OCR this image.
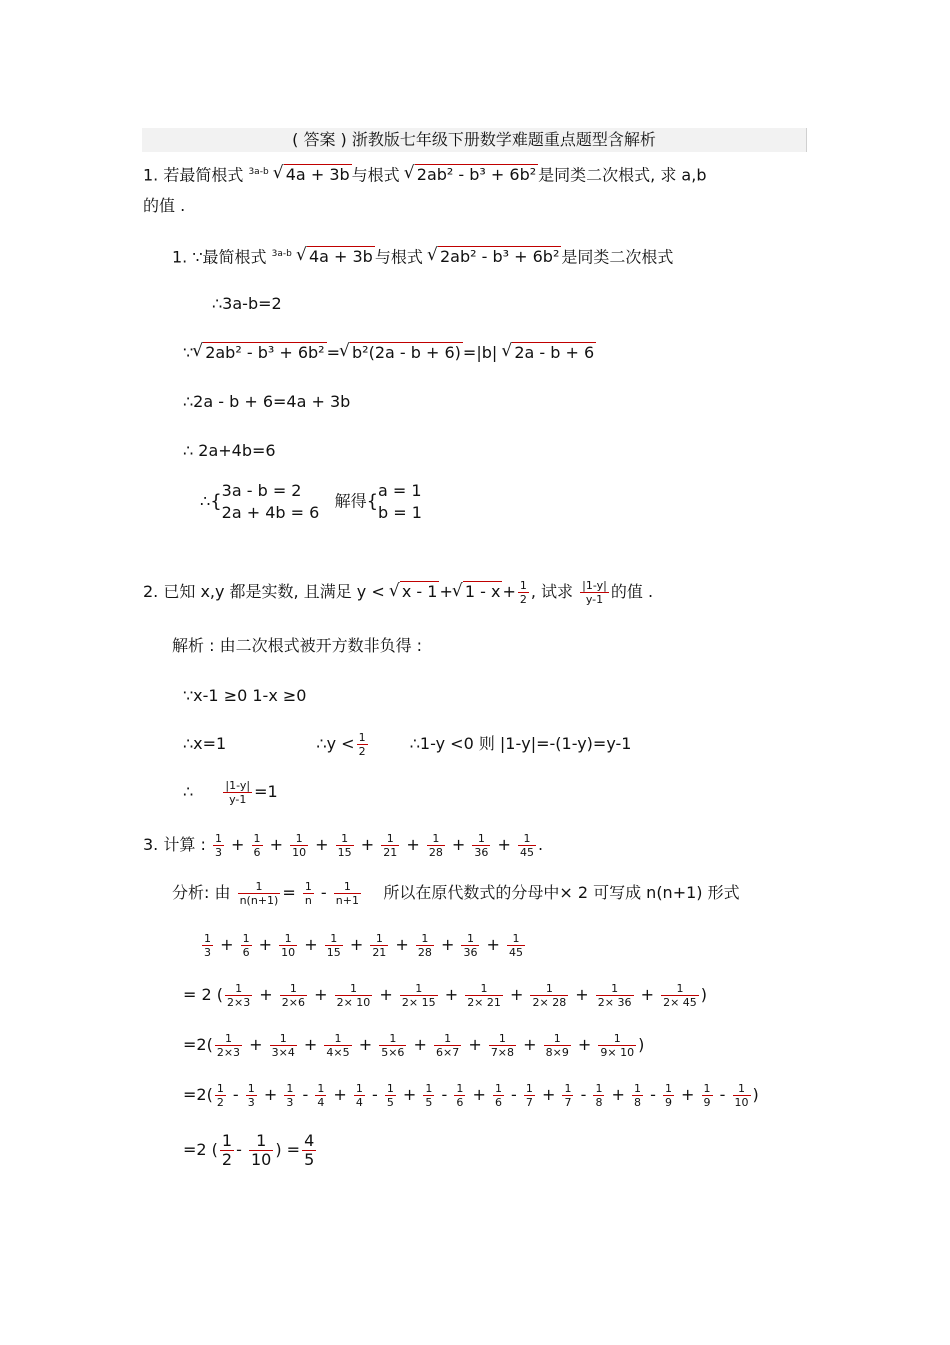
( 答案 ) 浙教版七年级下册数学难题重点题型含解析
1. 若最简根式 $^{3a-b}$ √ 4a + 3b 与根式 √ 2ab² - b³ + 6b² 是同类二次根式, 求 a,b
的值 .
1. ∵最简根式 $^{3a-b}$ √ 4a + 3b 与根式 √ 2ab² - b³ + 6b² 是同类二次根式
∴3a-b=2
∵ √ 2ab² - b³ + 6b² = √ b²(2a - b + 6) =|b| √ 2a - b + 6
∴2a - b + 6=4a + 3b
∴ 2a+4b=6
∴{3a - b = 2
2a + 4b = 6   解得{a = 1
b = 1
2. 已知 x,y 都是实数, 且满足 y < √ x - 1 + √ $1 - x + \frac{1}{2}$ , 试求 $\frac{|1-y|}{y-1}$ 的值 .
解析 : 由二次根式被开方数非负得 :
∵x-1 ≥0 1-x ≥0
∴x=1	∴y < $\frac{1}{2}$	∴1-y <0 则 |1-y|=-(1-y)=y-1
∴	$\frac{|1-y|}{y-1} =1$
3. 计算 : $\frac{1}{3} + \frac{1}{6} + \frac{1}{10} + \frac{1}{15} + \frac{1}{21} + \frac{1}{28} + \frac{1}{36} + \frac{1}{45}$ .
分析: 由 $\frac{1}{n(n+1)} = \frac{1}{n} - \frac{1}{n+1}$ 所以在原代数式的分母中× 2 可写成 n(n+1) 形式
$\frac{1}{3} + \frac{1}{6} + \frac{1}{10} + \frac{1}{15} + \frac{1}{21} + \frac{1}{28} + \frac{1}{36} + \frac{1}{45}$
= 2 ( $\frac{1}{2\times 3} + \frac{1}{2\times 6} + \frac{1}{2\times 10} + \frac{1}{2\times 15} + \frac{1}{2\times 21} + \frac{1}{2\times 28} + \frac{1}{2\times 36} + \frac{1}{2\times 45}$ )
$=2( \frac{1}{2\times 3} + \frac{1}{3\times 4} + \frac{1}{4\times 5} + \frac{1}{5\times 6} + \frac{1}{6\times 7} + \frac{1}{7\times 8} + \frac{1}{8\times 9} + \frac{1}{9\times 10}$ )
$=2( \frac{1}{2} - \frac{1}{3} + \frac{1}{3} - \frac{1}{4} + \frac{1}{4} - \frac{1}{5} + \frac{1}{5} - \frac{1}{6} + \frac{1}{6} - \frac{1}{7} + \frac{1}{7} - \frac{1}{8} + \frac{1}{8} - \frac{1}{9} + \frac{1}{9} - \frac{1}{10}$ )
=2 ( $\frac{1}{2} - \frac{1}{10}$ ) = $\frac{4}{5}$
